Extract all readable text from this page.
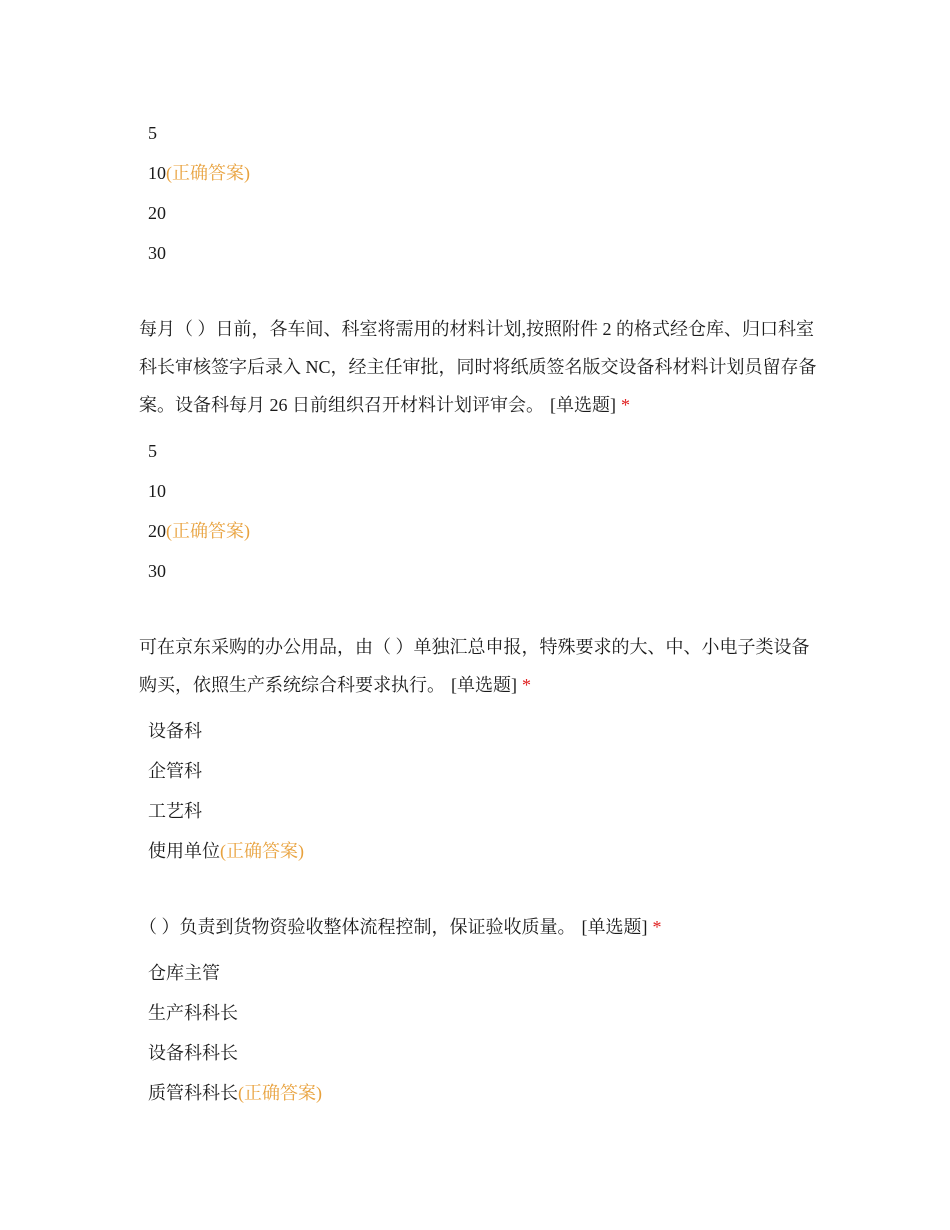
5
10(正确答案)
20
30

每月（ ）日前，各车间、科室将需用的材料计划,按照附件 2 的格式经仓库、归口科室科长审核签字后录入 NC，经主任审批，同时将纸质签名版交设备科材料计划员留存备案。设备科每月 26 日前组织召开材料计划评审会。 [单选题] *

5
10
20(正确答案)
30

可在京东采购的办公用品，由（ ）单独汇总申报，特殊要求的大、中、小电子类设备购买，依照生产系统综合科要求执行。 [单选题] *

设备科
企管科
工艺科
使用单位(正确答案)

（ ）负责到货物资验收整体流程控制，保证验收质量。 [单选题] *

仓库主管
生产科科长
设备科科长
质管科科长(正确答案)
